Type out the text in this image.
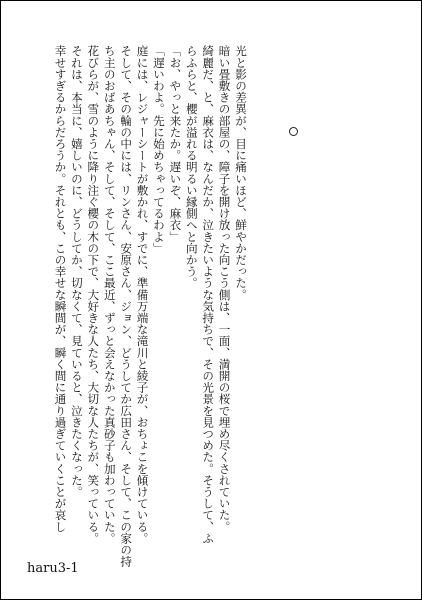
光と影の差異が、目に痛いほど、鮮やかだった。

暗い畳敷きの部屋の、障子を開け放った向こう側は、一面、満開の桜で埋め尽くされていた。

綺麗だ、と、麻衣は、なんだか、泣きたいような気持ちで、その光景を見つめた。そうして、ふ

らふらと、櫻が溢れる明るい縁側へと向かう。

「お、やっと来たか。遅いぞ、麻衣」

「遅いわよ。先に始めちゃってるわよ」

庭には、レジャーシートが敷かれ、すでに、準備万端な滝川と綾子が、おちょこを傾けている。

そして、その輪の中には、リンさん、安原さん、ジョン、どうしてか広田さん、そして、この家の持

ち主のおばあちゃん、そして、そして、ここ最近、ずっと会えなかった真砂子も加わっていた。

花びらが、雪のように降り注ぐ櫻の木の下で、大好きな人たち、大切な人たちが、笑っている。

それは、本当に、嬉しいのに、どうしてか、切なくて、見ていると、泣きたくなった。

幸せすぎるからだろうか。それとも、この幸せな瞬間が、瞬く間に通り過ぎていくことが哀し

haru3-1
